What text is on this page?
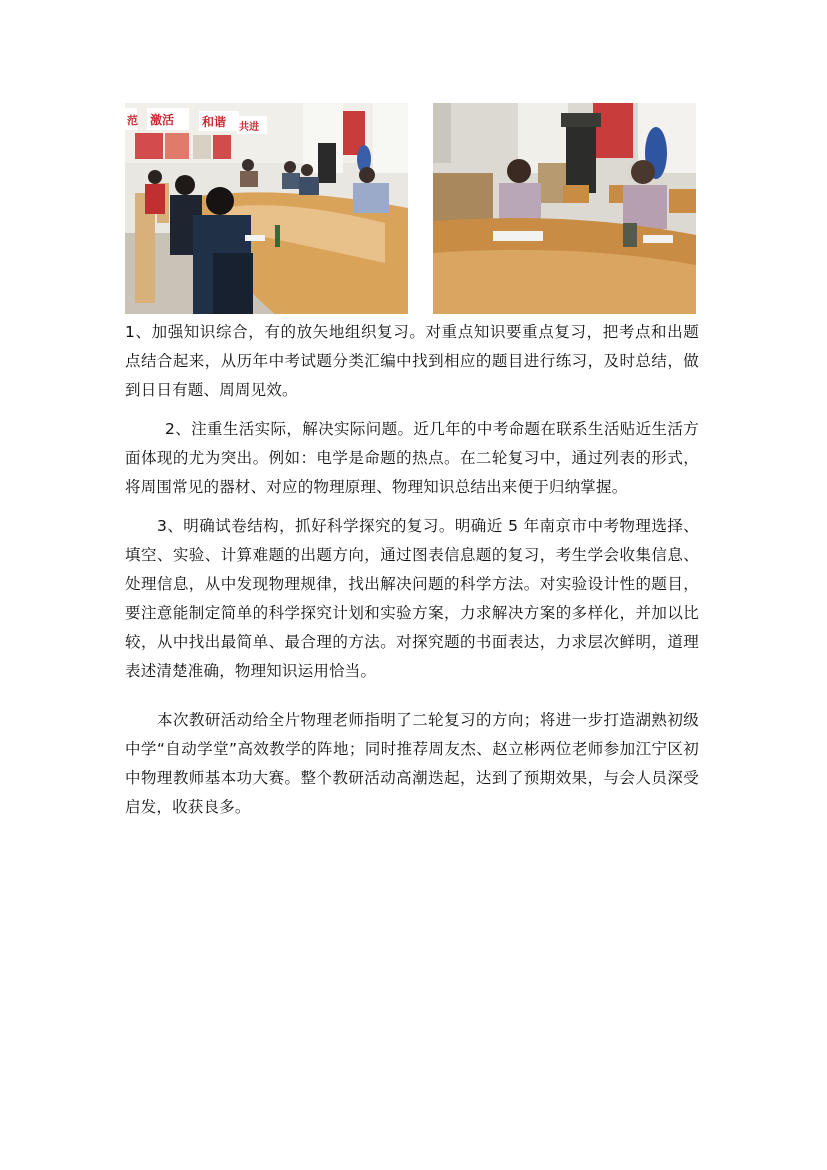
范 激活 和谐 共进

1、加强知识综合，有的放矢地组织复习。对重点知识要重点复习，把考点和出题点结合起来，从历年中考试题分类汇编中找到相应的题目进行练习，及时总结，做到日日有题、周周见效。

2、注重生活实际，解决实际问题。近几年的中考命题在联系生活贴近生活方面体现的尤为突出。例如：电学是命题的热点。在二轮复习中，通过列表的形式，将周围常见的器材、对应的物理原理、物理知识总结出来便于归纳掌握。

3、明确试卷结构，抓好科学探究的复习。明确近 5 年南京市中考物理选择、填空、实验、计算难题的出题方向，通过图表信息题的复习，考生学会收集信息、处理信息，从中发现物理规律，找出解决问题的科学方法。对实验设计性的题目，要注意能制定简单的科学探究计划和实验方案，力求解决方案的多样化，并加以比较，从中找出最简单、最合理的方法。对探究题的书面表达，力求层次鲜明，道理表述清楚准确，物理知识运用恰当。

本次教研活动给全片物理老师指明了二轮复习的方向；将进一步打造湖熟初级中学“自动学堂”高效教学的阵地；同时推荐周友杰、赵立彬两位老师参加江宁区初中物理教师基本功大赛。整个教研活动高潮迭起，达到了预期效果，与会人员深受启发，收获良多。
